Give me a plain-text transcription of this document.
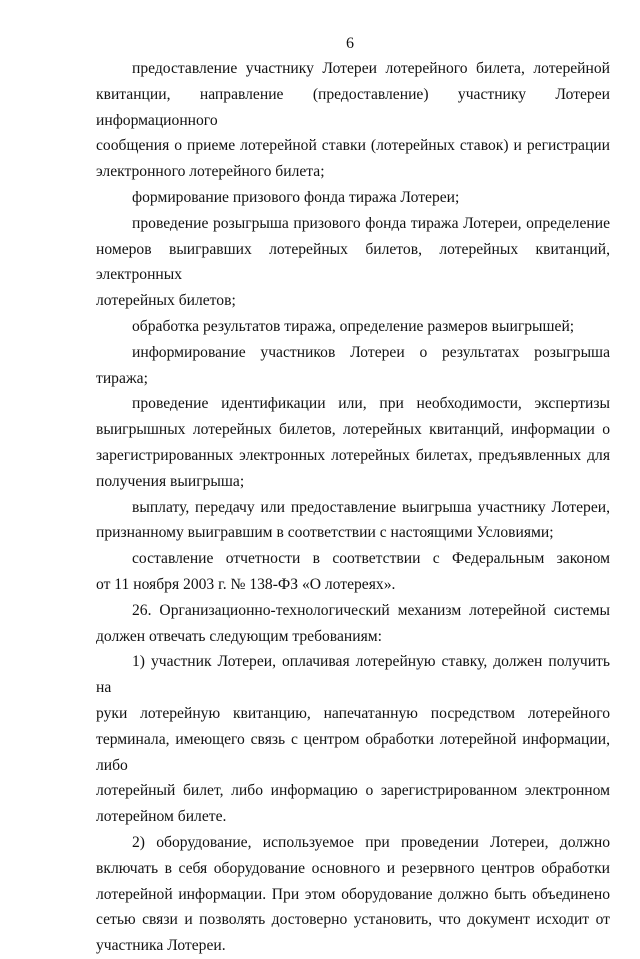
6

предоставление участнику Лотереи лотерейного билета, лотерейной
квитанции, направление (предоставление) участнику Лотереи информационного
сообщения о приеме лотерейной ставки (лотерейных ставок) и регистрации
электронного лотерейного билета;

формирование призового фонда тиража Лотереи;

проведение розыгрыша призового фонда тиража Лотереи, определение
номеров выигравших лотерейных билетов, лотерейных квитанций, электронных
лотерейных билетов;

обработка результатов тиража, определение размеров выигрышей;

информирование участников Лотереи о результатах розыгрыша тиража;

проведение идентификации или, при необходимости, экспертизы
выигрышных лотерейных билетов, лотерейных квитанций, информации о
зарегистрированных электронных лотерейных билетах, предъявленных для
получения выигрыша;

выплату, передачу или предоставление выигрыша участнику Лотереи,
признанному выигравшим в соответствии с настоящими Условиями;

составление отчетности в соответствии с Федеральным законом
от 11 ноября 2003 г. № 138-ФЗ «О лотереях».

26. Организационно-технологический механизм лотерейной системы
должен отвечать следующим требованиям:

1) участник Лотереи, оплачивая лотерейную ставку, должен получить на
руки лотерейную квитанцию, напечатанную посредством лотерейного
терминала, имеющего связь с центром обработки лотерейной информации, либо
лотерейный билет, либо информацию о зарегистрированном электронном
лотерейном билете.

2) оборудование, используемое при проведении Лотереи, должно
включать в себя оборудование основного и резервного центров обработки
лотерейной информации. При этом оборудование должно быть объединено
сетью связи и позволять достоверно установить, что документ исходит от
участника Лотереи.
